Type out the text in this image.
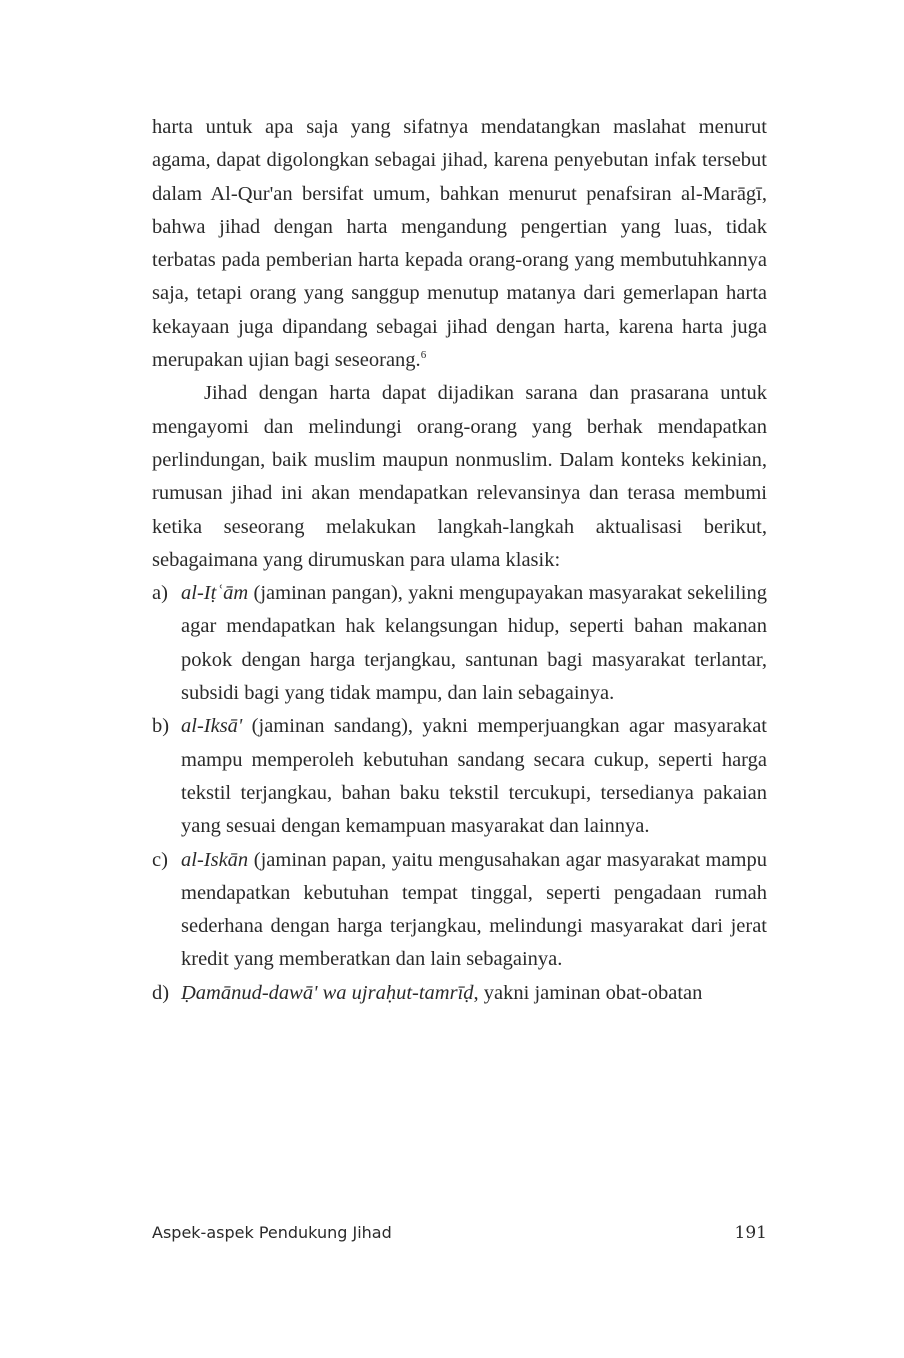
harta untuk apa saja yang sifatnya mendatangkan maslahat menurut agama, dapat digolongkan sebagai jihad, karena penyebutan infak tersebut dalam Al-Qur'an bersifat umum, bahkan menurut penafsiran al-Marāgī, bahwa jihad dengan harta mengandung pengertian yang luas, tidak terbatas pada pemberian harta kepada orang-orang yang membutuhkannya saja, tetapi orang yang sanggup menutup matanya dari gemerlapan harta kekayaan juga dipandang sebagai jihad dengan harta, karena harta juga merupakan ujian bagi seseorang.$^6$

Jihad dengan harta dapat dijadikan sarana dan prasarana untuk mengayomi dan melindungi orang-orang yang berhak mendapatkan perlindungan, baik muslim maupun nonmuslim. Dalam konteks kekinian, rumusan jihad ini akan mendapatkan relevansinya dan terasa membumi ketika seseorang melakukan langkah-langkah aktualisasi berikut, sebagaimana yang dirumuskan para ulama klasik:

a) al-Iṭʿām (jaminan pangan), yakni mengupayakan masyarakat sekeliling agar mendapatkan hak kelangsungan hidup, seperti bahan makanan pokok dengan harga terjangkau, santunan bagi masyarakat terlantar, subsidi bagi yang tidak mampu, dan lain sebagainya.
b) al-Iksā' (jaminan sandang), yakni memperjuangkan agar masyarakat mampu memperoleh kebutuhan sandang secara cukup, seperti harga tekstil terjangkau, bahan baku tekstil tercukupi, tersedianya pakaian yang sesuai dengan kemampuan masyarakat dan lainnya.
c) al-Iskān (jaminan papan, yaitu mengusahakan agar masyarakat mampu mendapatkan kebutuhan tempat tinggal, seperti pengadaan rumah sederhana dengan harga terjangkau, melindungi masyarakat dari jerat kredit yang memberatkan dan lain sebagainya.
d) Ḍamānud-dawā' wa ujraḥut-tamrīḍ, yakni jaminan obat-obatan
Aspek-aspek Pendukung Jihad	191
